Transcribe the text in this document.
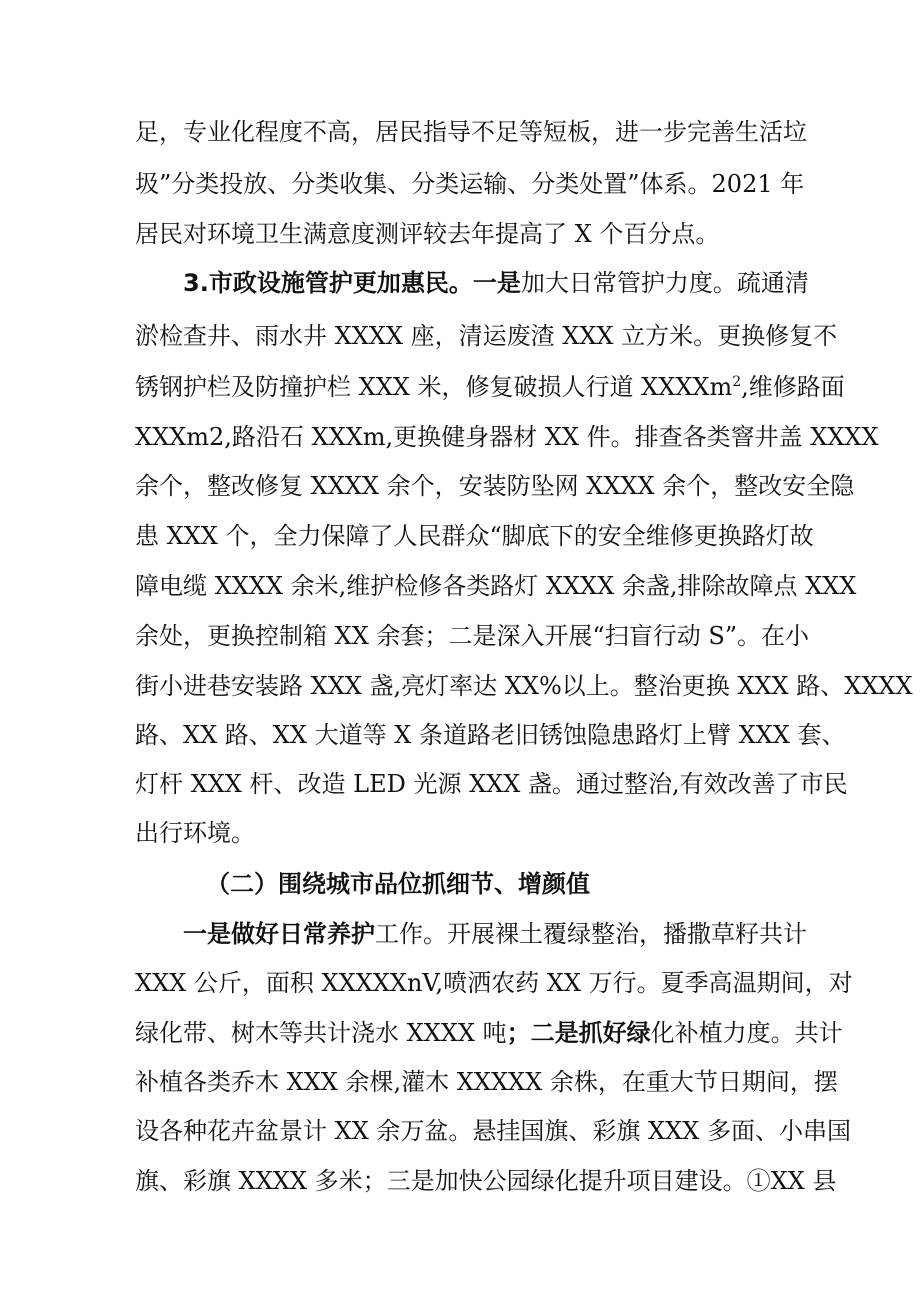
足，专业化程度不高，居民指导不足等短板，进一步完善生活垃
圾”分类投放、分类收集、分类运输、分类处置”体系。2021 年
居民对环境卫生满意度测评较去年提高了 X 个百分点。
3.市政设施管护更加惠民。一是加大日常管护力度。疏通清
淤检查井、雨水井 XXXX 座，清运废渣 XXX 立方米。更换修复不
锈钢护栏及防撞护栏 XXX 米，修复破损人行道 XXXXm$^2$,维修路面
XXXm2,路沿石 XXXm,更换健身器材 XX 件。排查各类窨井盖 XXXX
余个，整改修复 XXXX 余个，安装防坠网 XXXX 余个，整改安全隐
患 XXX 个，全力保障了人民群众“脚底下的安全维修更换路灯故
障电缆 XXXX 余米,维护检修各类路灯 XXXX 余盏,排除故障点 XXX
余处，更换控制箱 XX 余套；二是深入开展“扫盲行动 S”。在小
街小进巷安装路 XXX 盏,亮灯率达 XX%以上。整治更换 XXX 路、XXXX
路、XX 路、XX 大道等 X 条道路老旧锈蚀隐患路灯上臂 XXX 套、
灯杆 XXX 杆、改造 LED 光源 XXX 盏。通过整治,有效改善了市民
出行环境。
（二）围绕城市品位抓细节、增颜值
一是做好日常养护工作。开展裸土覆绿整治，播撒草籽共计
XXX 公斤，面积 XXXXXnV,喷洒农药 XX 万行。夏季高温期间，对
绿化带、树木等共计浇水 XXXX 吨；二是抓好绿化补植力度。共计
补植各类乔木 XXX 余棵,灌木 XXXXX 余株，在重大节日期间，摆
设各种花卉盆景计 XX 余万盆。悬挂国旗、彩旗 XXX 多面、小串国
旗、彩旗 XXXX 多米；三是加快公园绿化提升项目建设。①XX 县
